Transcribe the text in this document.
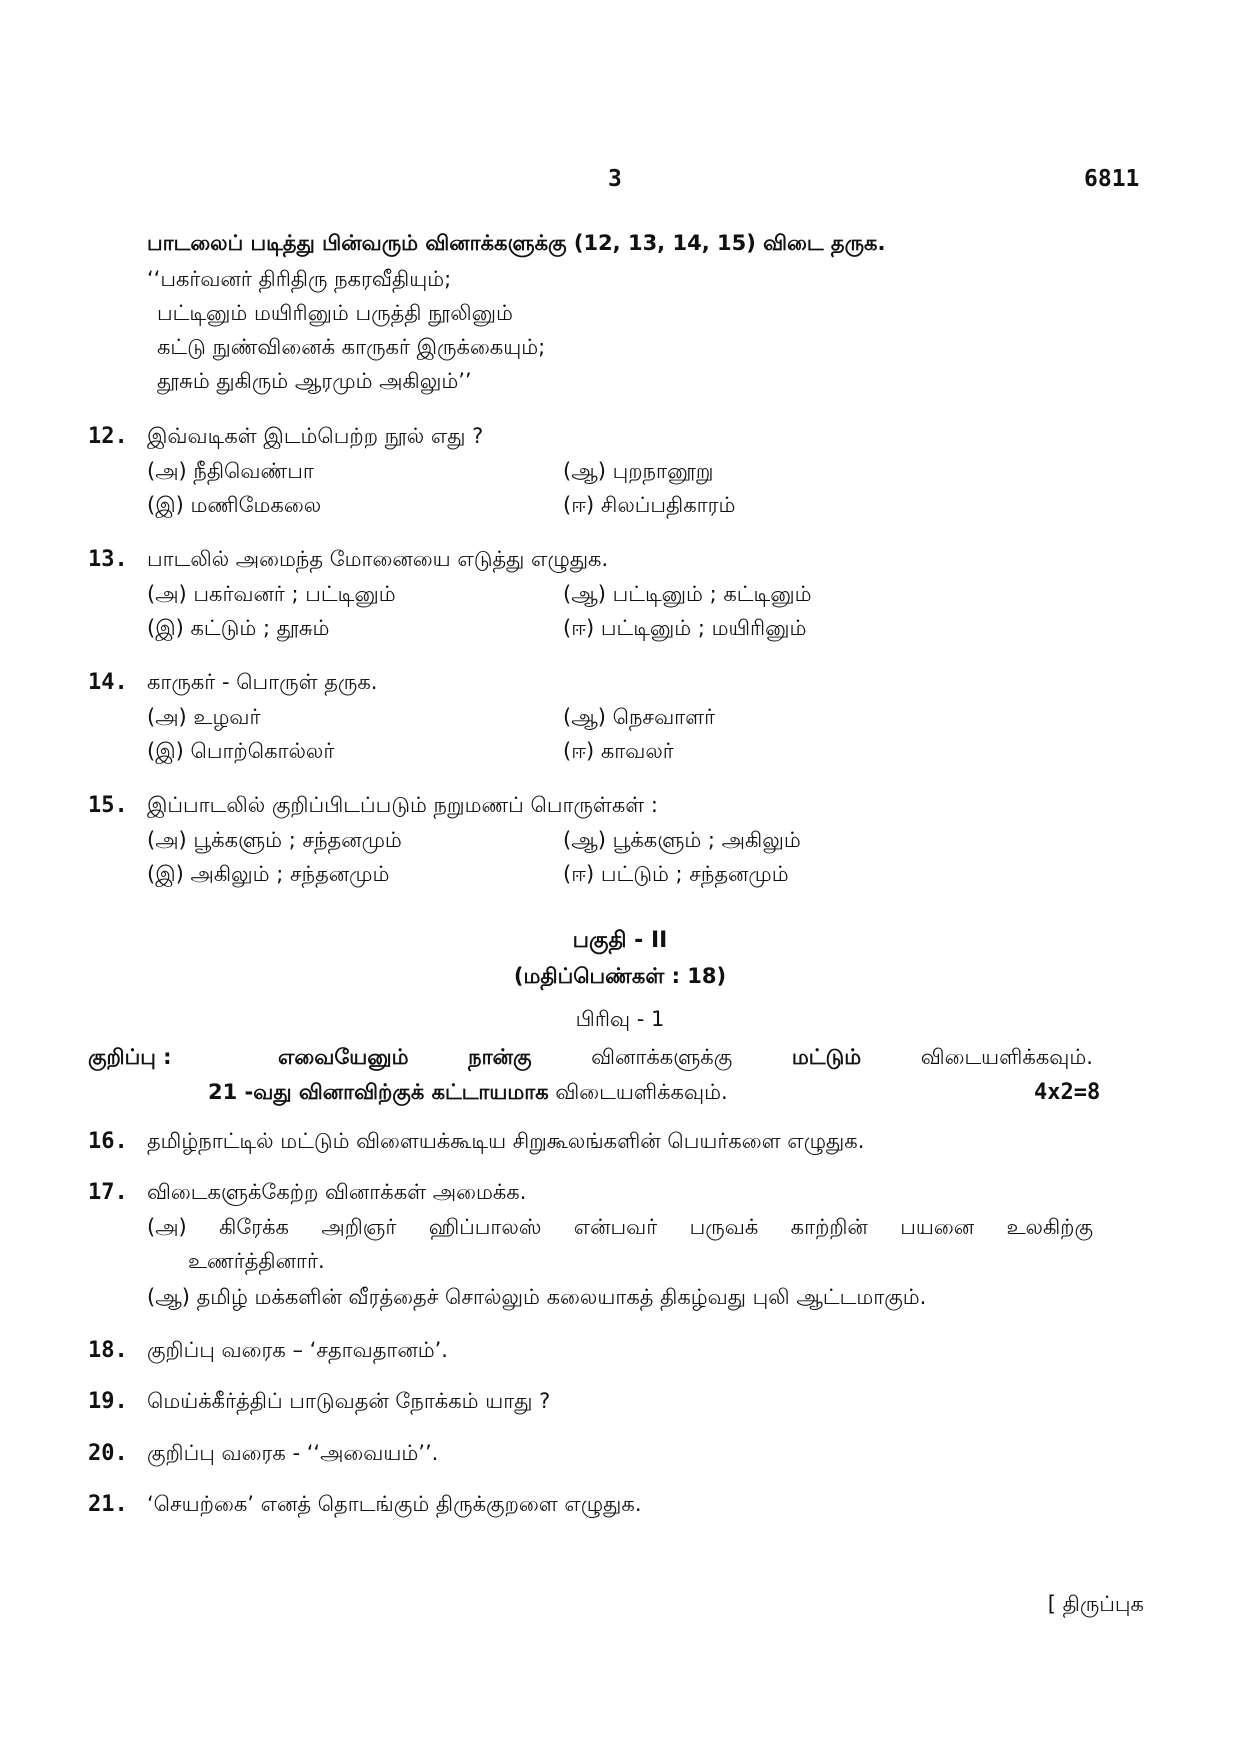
3	6811
பாடலைப் படித்து பின்வரும் வினாக்களுக்கு (12, 13, 14, 15) விடை தருக.
‘‘பகர்வனர் திரிதிரு நகரவீதியும்;
பட்டினும் மயிரினும் பருத்தி நூலினும்
கட்டு நுண்வினைக் காருகர் இருக்கையும்;
தூசும் துகிரும் ஆரமும் அகிலும்’’
12. இவ்வடிகள் இடம்பெற்ற நூல் எது ?
(அ) நீதிவெண்பா	(ஆ) புறநானூறு
(இ) மணிமேகலை	(ஈ) சிலப்பதிகாரம்
13. பாடலில் அமைந்த மோனையை எடுத்து எழுதுக.
(அ) பகர்வனர் ; பட்டினும்	(ஆ) பட்டினும் ; கட்டினும்
(இ) கட்டும் ; தூசும்	(ஈ) பட்டினும் ; மயிரினும்
14. காருகர் - பொருள் தருக.
(அ) உழவர்	(ஆ) நெசவாளர்
(இ) பொற்கொல்லர்	(ஈ) காவலர்
15. இப்பாடலில் குறிப்பிடப்படும் நறுமணப் பொருள்கள் :
(அ) பூக்களும் ; சந்தனமும்	(ஆ) பூக்களும் ; அகிலும்
(இ) அகிலும் ; சந்தனமும்	(ஈ) பட்டும் ; சந்தனமும்
பகுதி - II
(மதிப்பெண்கள் : 18)
பிரிவு - 1
குறிப்பு :	எவையேனும்	நான்கு	வினாக்களுக்கு	மட்டும்	விடையளிக்கவும்.
21 -வது வினாவிற்குக் கட்டாயமாக விடையளிக்கவும்.	4x2=8
16. தமிழ்நாட்டில் மட்டும் விளையக்கூடிய சிறுகூலங்களின் பெயர்களை எழுதுக.
17. விடைகளுக்கேற்ற வினாக்கள் அமைக்க.
(அ) கிரேக்க அறிஞர் ஹிப்பாலஸ் என்பவர் பருவக் காற்றின் பயனை உலகிற்கு
உணர்த்தினார்.
(ஆ) தமிழ் மக்களின் வீரத்தைச் சொல்லும் கலையாகத் திகழ்வது புலி ஆட்டமாகும்.
18. குறிப்பு வரைக – ‘சதாவதானம்’.
19. மெய்க்கீர்த்திப் பாடுவதன் நோக்கம் யாது ?
20. குறிப்பு வரைக - ‘‘அவையம்’’.
21. ‘செயற்கை’ எனத் தொடங்கும் திருக்குறளை எழுதுக.
[ திருப்புக
